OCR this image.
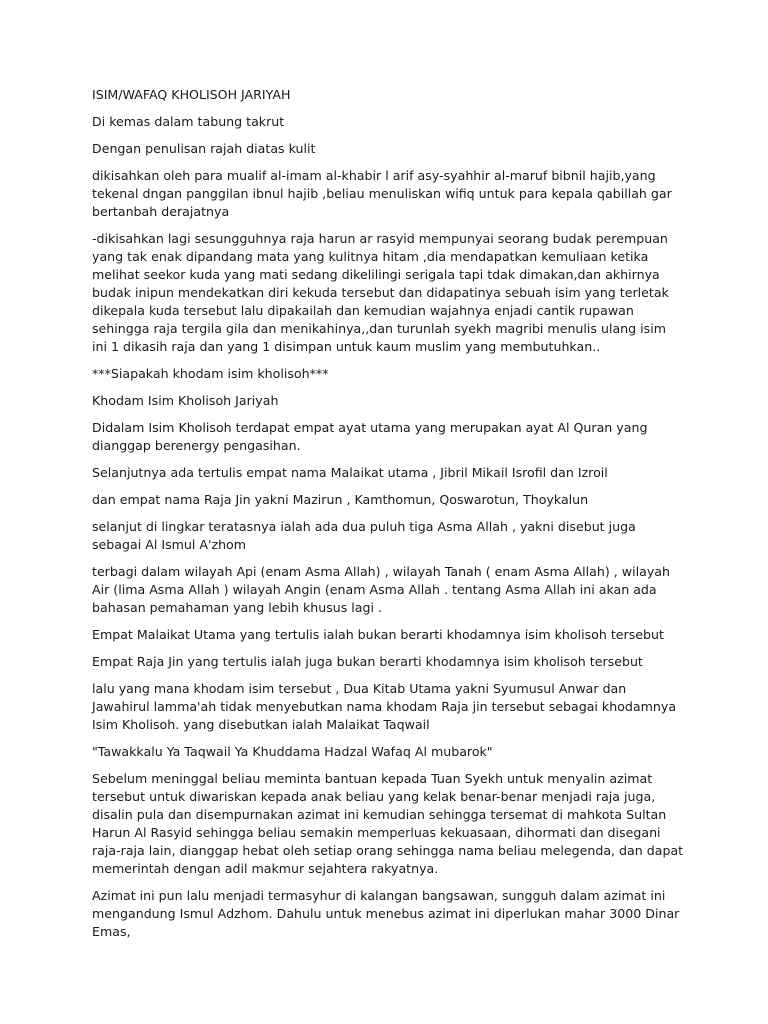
ISIM/WAFAQ KHOLISOH JARIYAH

Di kemas dalam tabung takrut

Dengan penulisan rajah diatas kulit

dikisahkan oleh para mualif al-imam al-khabir l arif asy-syahhir al-maruf bibnil hajib,yang tekenal dngan panggilan ibnul hajib ,beliau menuliskan wifiq untuk para kepala qabillah gar bertanbah derajatnya

-dikisahkan lagi sesungguhnya raja harun ar rasyid mempunyai seorang budak perempuan yang tak enak dipandang mata yang kulitnya hitam ,dia mendapatkan kemuliaan ketika melihat seekor kuda yang mati sedang dikelilingi serigala tapi tdak dimakan,dan akhirnya budak inipun mendekatkan diri kekuda tersebut dan didapatinya sebuah isim yang terletak dikepala kuda tersebut lalu dipakailah dan kemudian wajahnya enjadi cantik rupawan sehingga raja tergila gila dan menikahinya,,dan turunlah syekh magribi menulis ulang isim ini 1 dikasih raja dan yang 1 disimpan untuk kaum muslim yang membutuhkan..

***Siapakah khodam isim kholisoh***

Khodam Isim Kholisoh Jariyah

Didalam Isim Kholisoh terdapat empat ayat utama yang merupakan ayat Al Quran yang dianggap berenergy pengasihan.

Selanjutnya ada tertulis empat nama Malaikat utama , Jibril Mikail Isrofil dan Izroil

dan empat nama Raja Jin yakni Mazirun , Kamthomun, Qoswarotun, Thoykalun

selanjut di lingkar teratasnya ialah ada dua puluh tiga Asma Allah , yakni disebut juga sebagai Al Ismul A'zhom

terbagi dalam wilayah Api (enam Asma Allah) , wilayah Tanah ( enam Asma Allah) , wilayah Air (lima Asma Allah ) wilayah Angin (enam Asma Allah . tentang Asma Allah ini akan ada bahasan pemahaman yang lebih khusus lagi .

Empat Malaikat Utama yang tertulis ialah bukan berarti khodamnya isim kholisoh tersebut

Empat Raja Jin yang tertulis ialah juga bukan berarti khodamnya isim kholisoh tersebut

lalu yang mana khodam isim tersebut , Dua Kitab Utama yakni Syumusul Anwar dan Jawahirul lamma'ah tidak menyebutkan nama khodam Raja jin tersebut sebagai khodamnya Isim Kholisoh. yang disebutkan ialah Malaikat Taqwail

"Tawakkalu Ya Taqwail Ya Khuddama Hadzal Wafaq Al mubarok"

Sebelum meninggal beliau meminta bantuan kepada Tuan Syekh untuk menyalin azimat tersebut untuk diwariskan kepada anak beliau yang kelak benar-benar menjadi raja juga, disalin pula dan disempurnakan azimat ini kemudian sehingga tersemat di mahkota Sultan Harun Al Rasyid sehingga beliau semakin memperluas kekuasaan, dihormati dan disegani raja-raja lain, dianggap hebat oleh setiap orang sehingga nama beliau melegenda, dan dapat memerintah dengan adil makmur sejahtera rakyatnya.

Azimat ini pun lalu menjadi termasyhur di kalangan bangsawan, sungguh dalam azimat ini mengandung Ismul Adzhom. Dahulu untuk menebus azimat ini diperlukan mahar 3000 Dinar Emas,
